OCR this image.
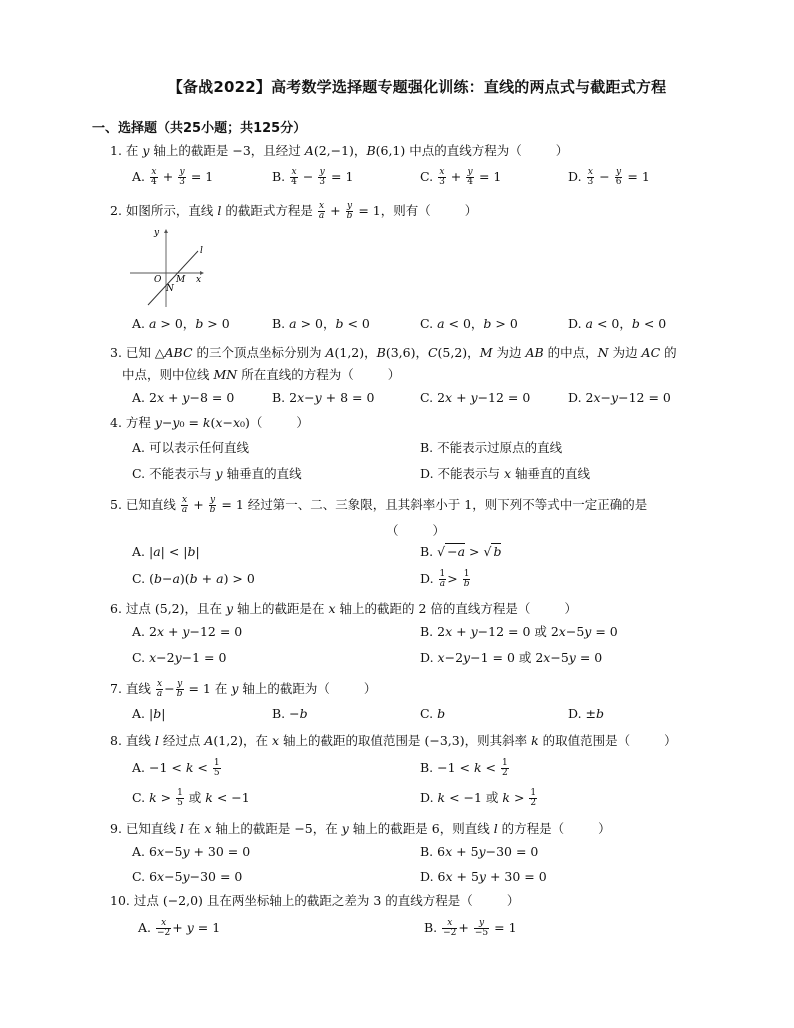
【备战2022】高考数学选择题专题强化训练：直线的两点式与截距式方程
一、选择题（共25小题；共125分）
1. 在 y 轴上的截距是 −3，且经过 A(2,−1)，B(6,1) 中点的直线方程为（	）
A. $\frac{x}{4} + \frac{y}{3} = 1$	B. $\frac{x}{4} - \frac{y}{3} = 1$	C. $\frac{x}{3} + \frac{y}{4} = 1$	D. $\frac{x}{3} - \frac{y}{6} = 1$
2. 如图所示，直线 l 的截距式方程是 $\frac{x}{a} + \frac{y}{b} = 1$，则有（	）
y
l
O M x
N
A. a > 0，b > 0	B. a > 0，b < 0	C. a < 0，b > 0	D. a < 0，b < 0
3. 已知 △ABC 的三个顶点坐标分别为 A(1,2)，B(3,6)，C(5,2)，M 为边 AB 的中点，N 为边 AC 的
中点，则中位线 MN 所在直线的方程为（	）
A. 2x + y−8 = 0	B. 2x−y + 8 = 0	C. 2x + y−12 = 0	D. 2x−y−12 = 0
4. 方程 y−y₀ = k(x−x₀)（	）
A. 可以表示任何直线	B. 不能表示过原点的直线
C. 不能表示与 y 轴垂直的直线	D. 不能表示与 x 轴垂直的直线
5. 已知直线 $\frac{x}{a} + \frac{y}{b} = 1$ 经过第一、二、三象限，且其斜率小于 1，则下列不等式中一定正确的是
（	）
A. |a| < |b|	B. √ −a > √ b
C. (b−a)(b + a) > 0	D. $\frac{1}{a} > \frac{1}{b}$
6. 过点 (5,2)，且在 y 轴上的截距是在 x 轴上的截距的 2 倍的直线方程是（	）
A. 2x + y−12 = 0	B. 2x + y−12 = 0 或 2x−5y = 0
C. x−2y−1 = 0	D. x−2y−1 = 0 或 2x−5y = 0
7. 直线 $\frac{x}{a} - \frac{y}{b} = 1$ 在 y 轴上的截距为（	）
A. |b|	B. −b	C. b	D. ±b
8. 直线 l 经过点 A(1,2)，在 x 轴上的截距的取值范围是 (−3,3)，则其斜率 k 的取值范围是（	）
A. $-1 < k < \frac{1}{5}$	B. $-1 < k < \frac{1}{2}$
C. $k > \frac{1}{5}$ 或 k < −1	D. k < −1 或 $k > \frac{1}{2}$
9. 已知直线 l 在 x 轴上的截距是 −5，在 y 轴上的截距是 6，则直线 l 的方程是（	）
A. 6x−5y + 30 = 0	B. 6x + 5y−30 = 0
C. 6x−5y−30 = 0	D. 6x + 5y + 30 = 0
10. 过点 (−2,0) 且在两坐标轴上的截距之差为 3 的直线方程是（	）
A. $\frac{x}{-2} + y = 1$	B. $\frac{x}{-2} + \frac{y}{-5} = 1$
